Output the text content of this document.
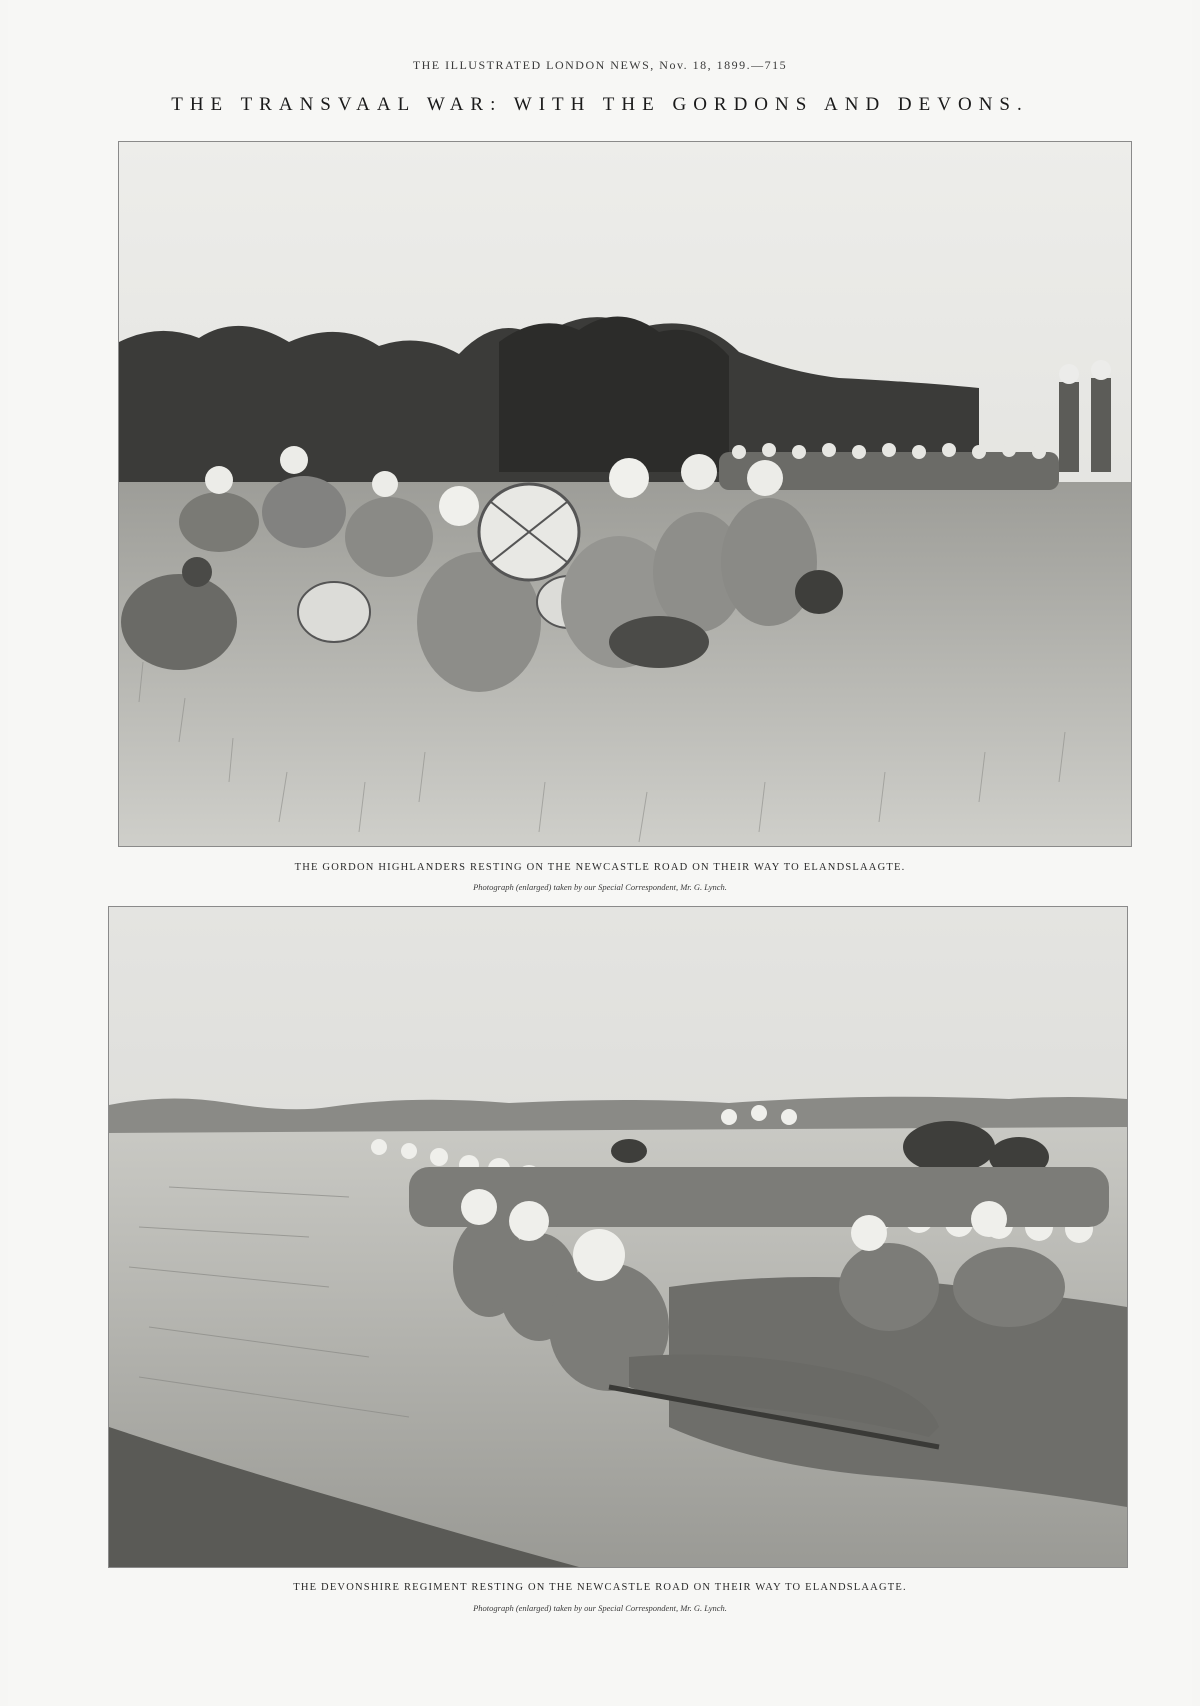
THE ILLUSTRATED LONDON NEWS, Nov. 18, 1899.—715
THE TRANSVAAL WAR: WITH THE GORDONS AND DEVONS.
THE GORDON HIGHLANDERS RESTING ON THE NEWCASTLE ROAD ON THEIR WAY TO ELANDSLAAGTE.
Photograph (enlarged) taken by our Special Correspondent, Mr. G. Lynch.
THE DEVONSHIRE REGIMENT RESTING ON THE NEWCASTLE ROAD ON THEIR WAY TO ELANDSLAAGTE.
Photograph (enlarged) taken by our Special Correspondent, Mr. G. Lynch.
